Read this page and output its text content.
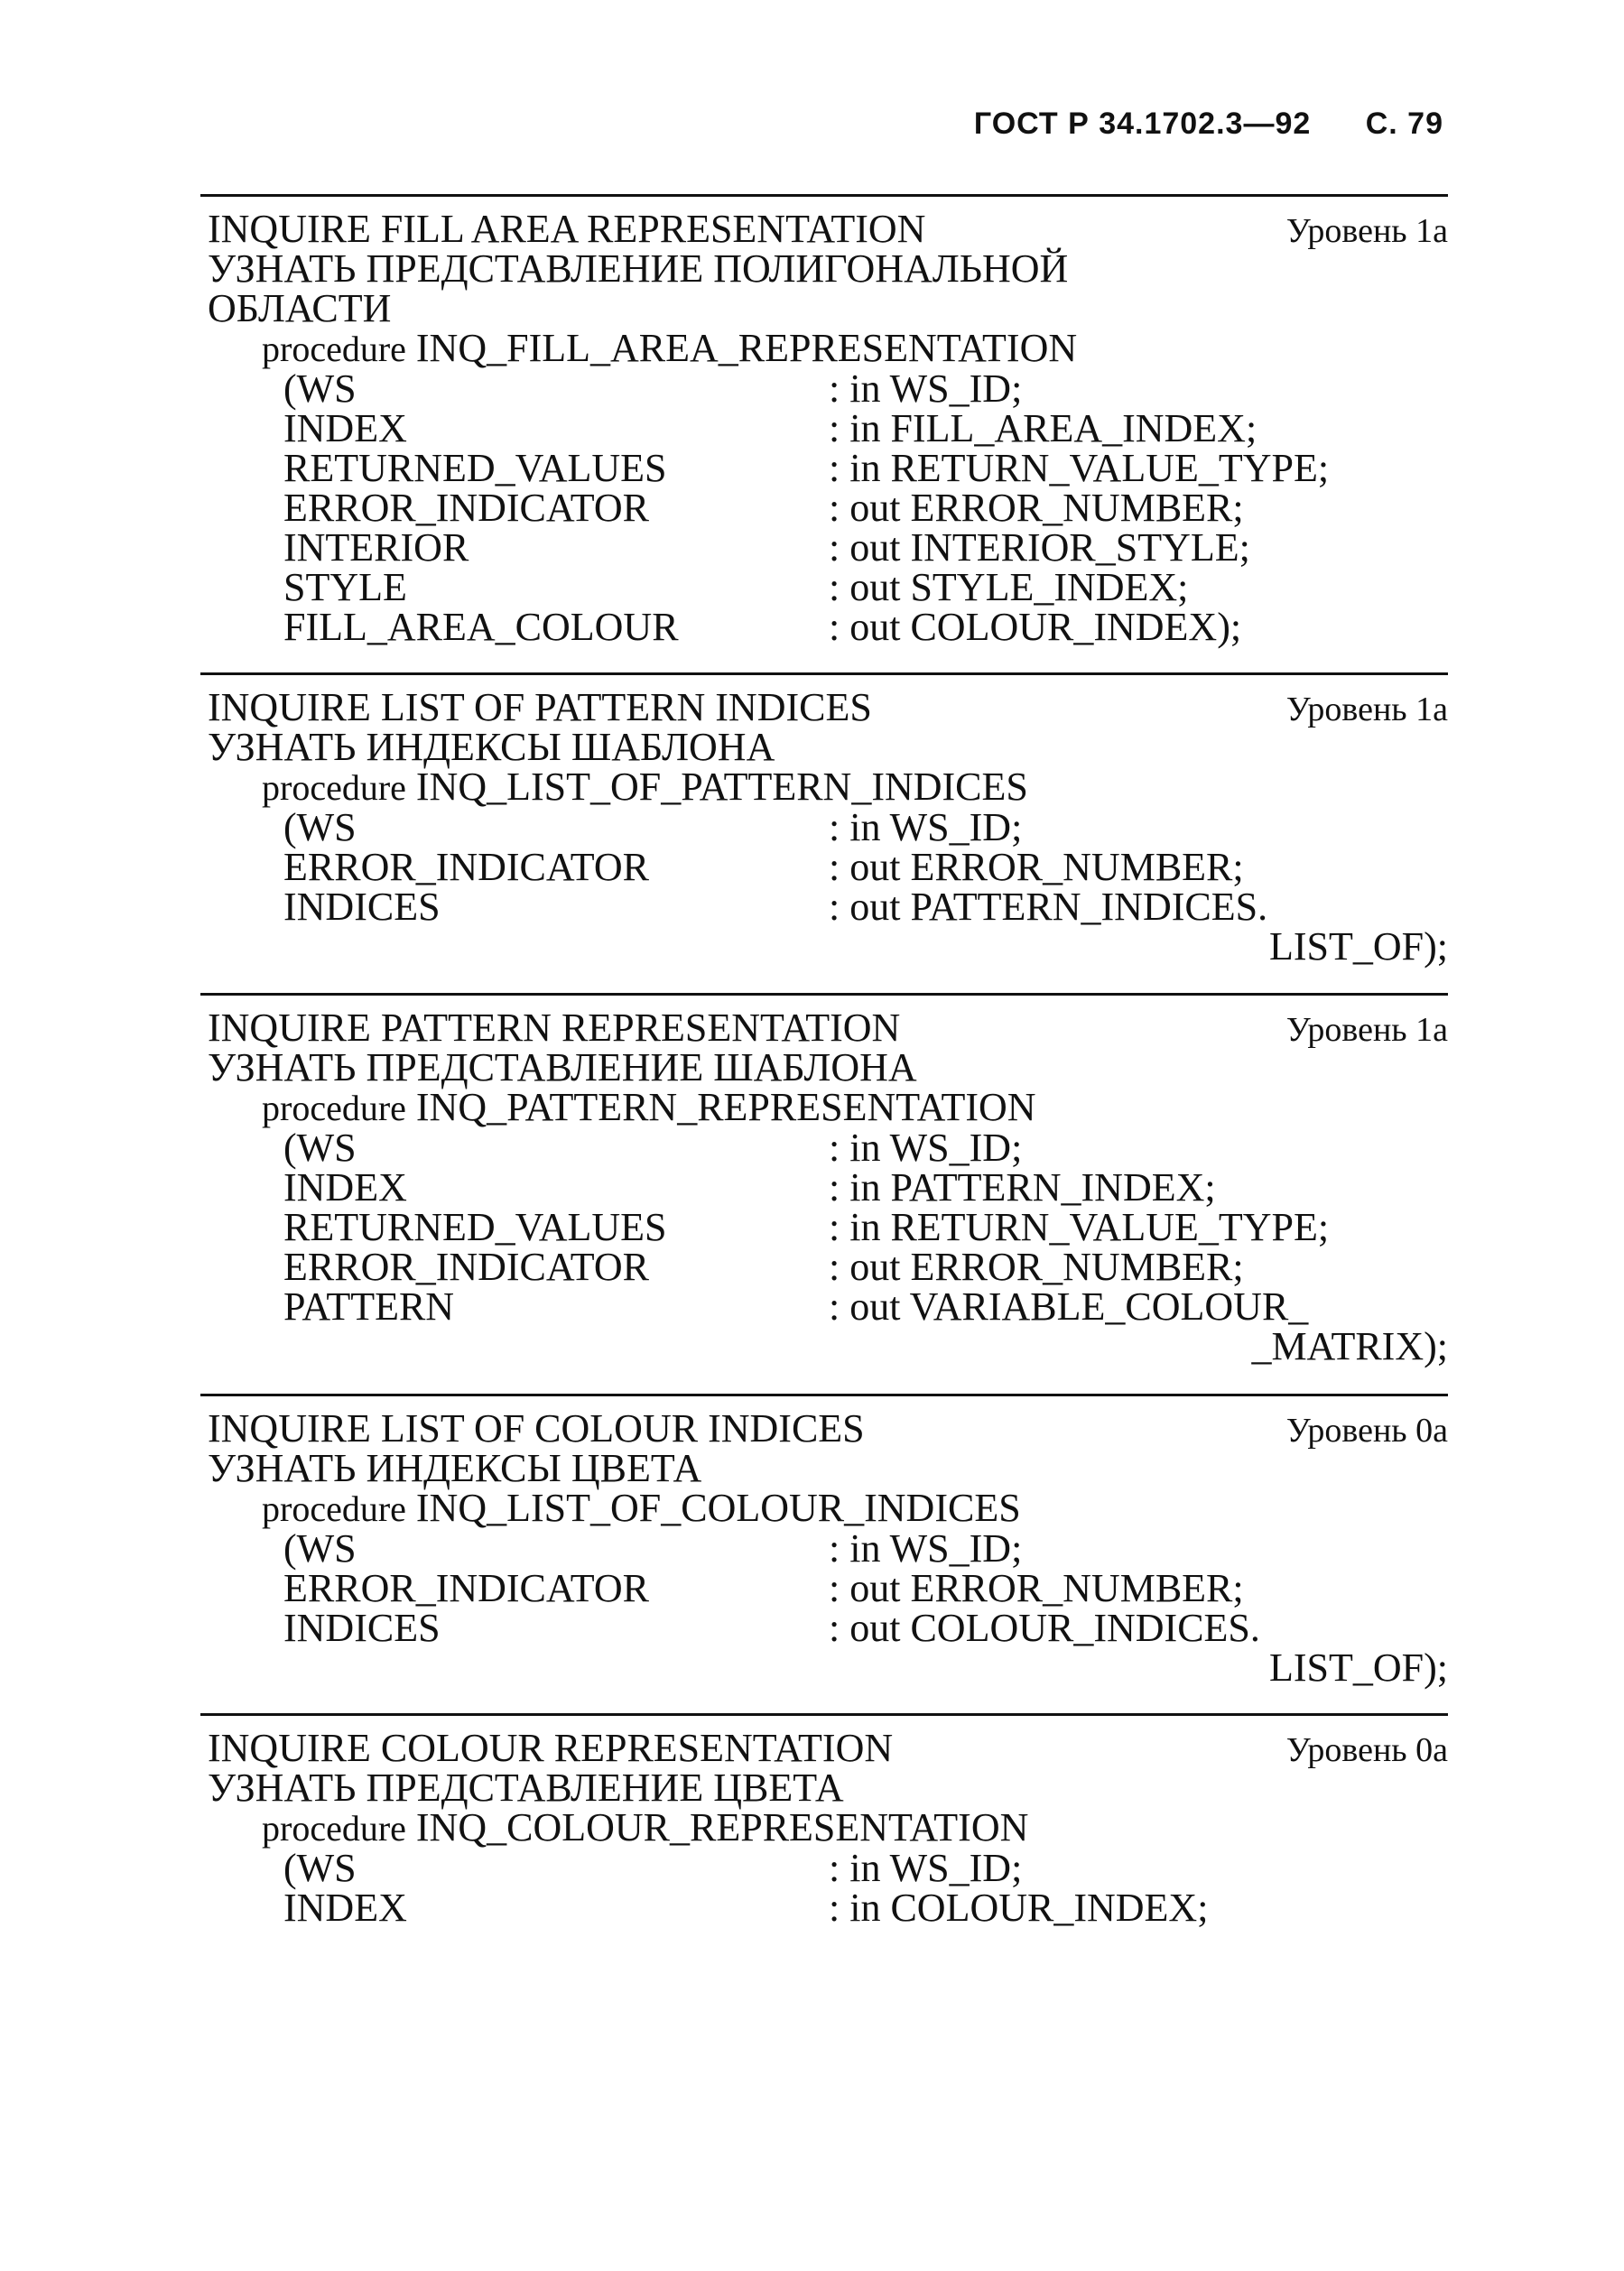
ГОСТ Р 34.1702.3—92 С. 79
INQUIRE FILL AREA REPRESENTATION	Уровень 1а
УЗНАТЬ ПРЕДСТАВЛЕНИЕ ПОЛИГОНАЛЬНОЙ
ОБЛАСТИ
procedure INQ_FILL_AREA_REPRESENTATION
(WS	: in WS_ID;
INDEX	: in FILL_AREA_INDEX;
RETURNED_VALUES	: in RETURN_VALUE_TYPE;
ERROR_INDICATOR	: out ERROR_NUMBER;
INTERIOR	: out INTERIOR_STYLE;
STYLE	: out STYLE_INDEX;
FILL_AREA_COLOUR	: out COLOUR_INDEX);
INQUIRE LIST OF PATTERN INDICES	Уровень 1а
УЗНАТЬ ИНДЕКСЫ ШАБЛОНА
procedure INQ_LIST_OF_PATTERN_INDICES
(WS	: in WS_ID;
ERROR_INDICATOR	: out ERROR_NUMBER;
INDICES	: out PATTERN_INDICES.
LIST_OF);
INQUIRE PATTERN REPRESENTATION	Уровень 1а
УЗНАТЬ ПРЕДСТАВЛЕНИЕ ШАБЛОНА
procedure INQ_PATTERN_REPRESENTATION
(WS	: in WS_ID;
INDEX	: in PATTERN_INDEX;
RETURNED_VALUES	: in RETURN_VALUE_TYPE;
ERROR_INDICATOR	: out ERROR_NUMBER;
PATTERN	: out VARIABLE_COLOUR_
_MATRIX);
INQUIRE LIST OF COLOUR INDICES	Уровень 0а
УЗНАТЬ ИНДЕКСЫ ЦВЕТА
procedure INQ_LIST_OF_COLOUR_INDICES
(WS	: in WS_ID;
ERROR_INDICATOR	: out ERROR_NUMBER;
INDICES	: out COLOUR_INDICES.
LIST_OF);
INQUIRE COLOUR REPRESENTATION	Уровень 0а
УЗНАТЬ ПРЕДСТАВЛЕНИЕ ЦВЕТА
procedure INQ_COLOUR_REPRESENTATION
(WS	: in WS_ID;
INDEX	: in COLOUR_INDEX;
